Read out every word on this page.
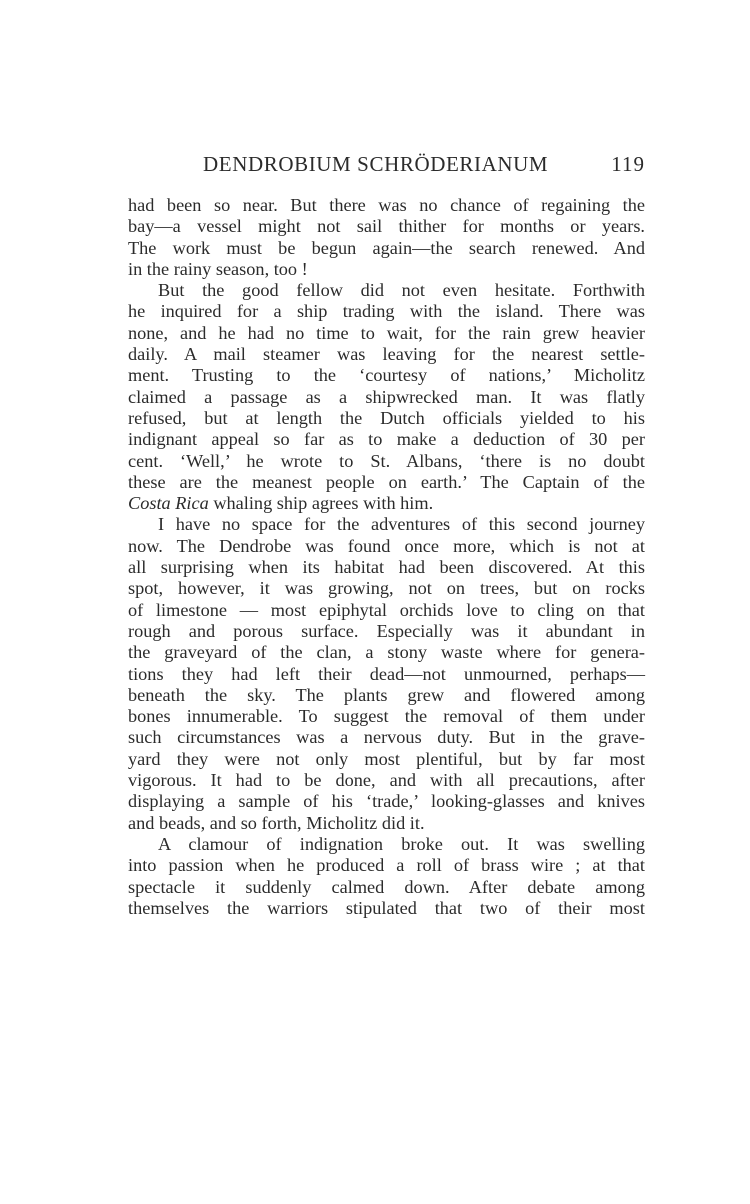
DENDROBIUM SCHRÖDERIANUM	119
had been so near. But there was no chance of regaining the
bay—a vessel might not sail thither for months or years.
The work must be begun again—the search renewed. And
in the rainy season, too !
But the good fellow did not even hesitate. Forthwith
he inquired for a ship trading with the island. There was
none, and he had no time to wait, for the rain grew heavier
daily. A mail steamer was leaving for the nearest settle-
ment. Trusting to the ‘courtesy of nations,’ Micholitz
claimed a passage as a shipwrecked man. It was flatly
refused, but at length the Dutch officials yielded to his
indignant appeal so far as to make a deduction of 30 per
cent. ‘Well,’ he wrote to St. Albans, ‘there is no doubt
these are the meanest people on earth.’ The Captain of the
Costa Rica whaling ship agrees with him.
I have no space for the adventures of this second journey
now. The Dendrobe was found once more, which is not at
all surprising when its habitat had been discovered. At this
spot, however, it was growing, not on trees, but on rocks
of limestone — most epiphytal orchids love to cling on that
rough and porous surface. Especially was it abundant in
the graveyard of the clan, a stony waste where for genera-
tions they had left their dead—not unmourned, perhaps—
beneath the sky. The plants grew and flowered among
bones innumerable. To suggest the removal of them under
such circumstances was a nervous duty. But in the grave-
yard they were not only most plentiful, but by far most
vigorous. It had to be done, and with all precautions, after
displaying a sample of his ‘trade,’ looking-glasses and knives
and beads, and so forth, Micholitz did it.
A clamour of indignation broke out. It was swelling
into passion when he produced a roll of brass wire ; at that
spectacle it suddenly calmed down. After debate among
themselves the warriors stipulated that two of their most
